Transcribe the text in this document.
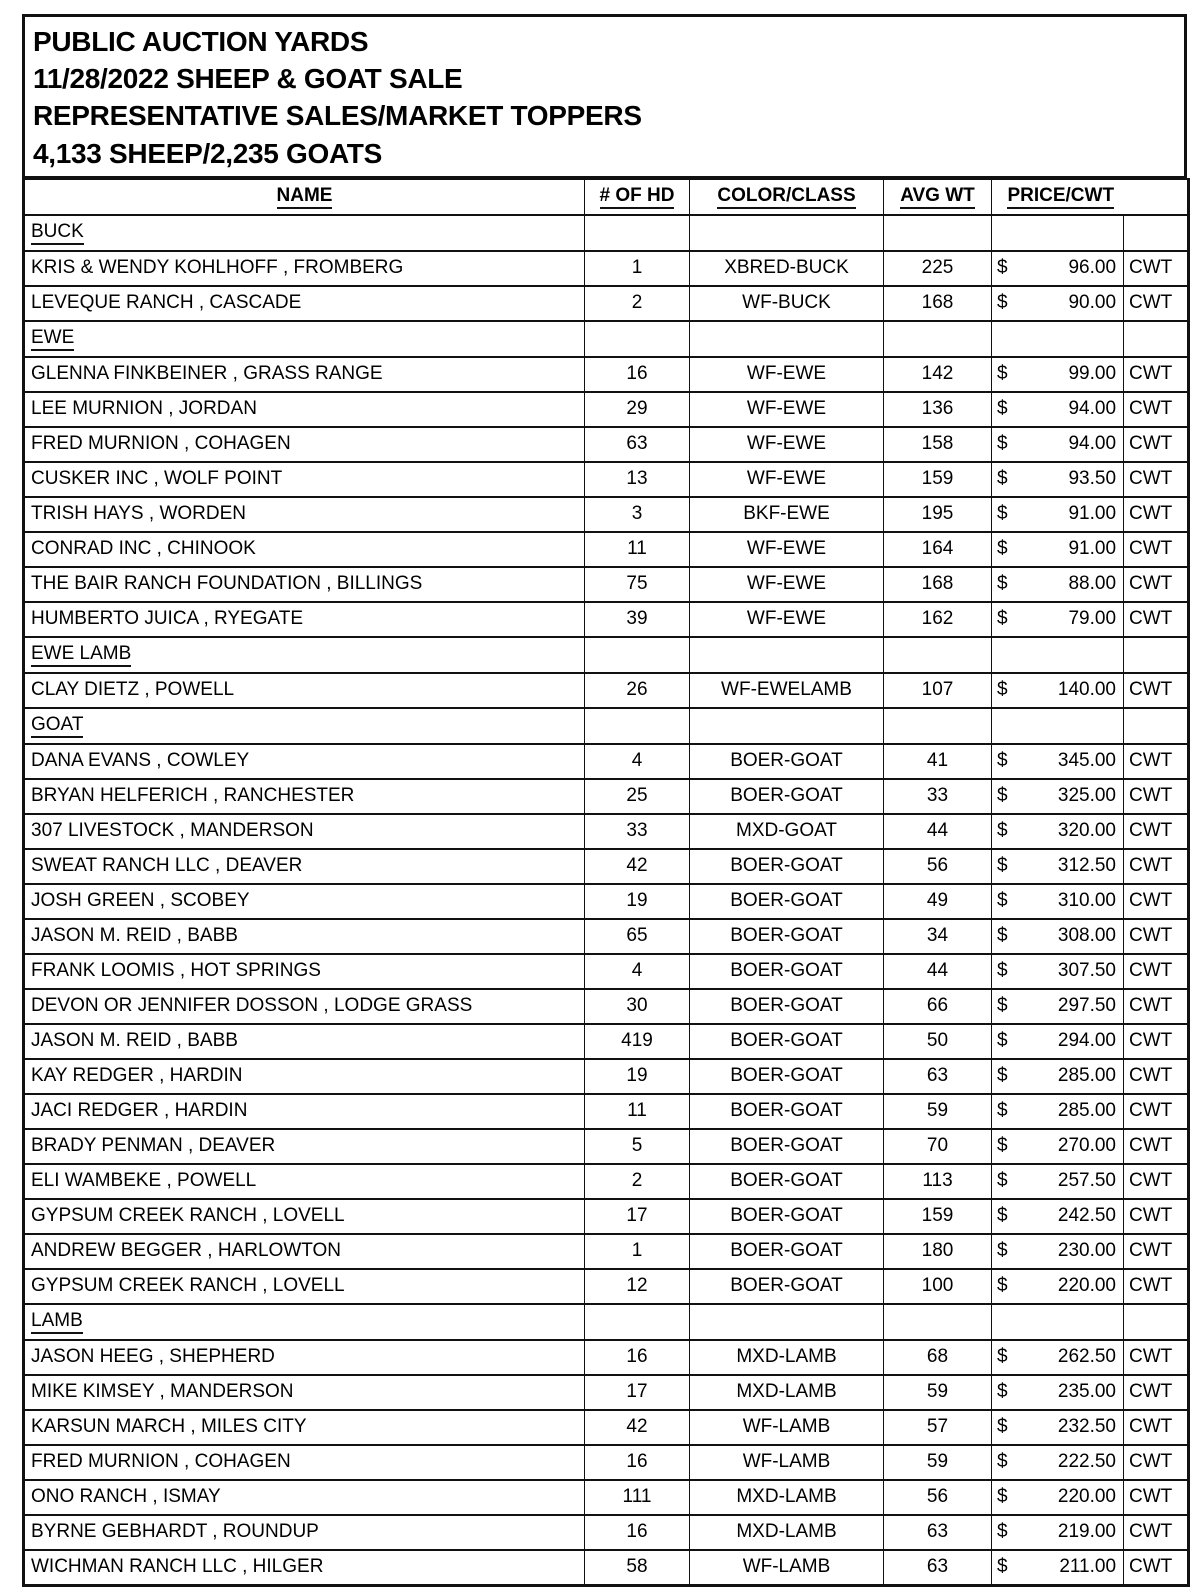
PUBLIC AUCTION YARDS
11/28/2022 SHEEP & GOAT SALE
REPRESENTATIVE SALES/MARKET TOPPERS
4,133 SHEEP/2,235 GOATS
NAME	# OF HD	COLOR/CLASS	AVG WT	PRICE/CWT		
BUCK						
KRIS & WENDY KOHLHOFF , FROMBERG	1	XBRED-BUCK	225	$	96.00	CWT
LEVEQUE RANCH , CASCADE	2	WF-BUCK	168	$	90.00	CWT
EWE						
GLENNA FINKBEINER , GRASS RANGE	16	WF-EWE	142	$	99.00	CWT
LEE MURNION , JORDAN	29	WF-EWE	136	$	94.00	CWT
FRED MURNION , COHAGEN	63	WF-EWE	158	$	94.00	CWT
CUSKER INC , WOLF POINT	13	WF-EWE	159	$	93.50	CWT
TRISH HAYS , WORDEN	3	BKF-EWE	195	$	91.00	CWT
CONRAD INC , CHINOOK	11	WF-EWE	164	$	91.00	CWT
THE BAIR RANCH FOUNDATION , BILLINGS	75	WF-EWE	168	$	88.00	CWT
HUMBERTO JUICA , RYEGATE	39	WF-EWE	162	$	79.00	CWT
EWE LAMB						
CLAY DIETZ , POWELL	26	WF-EWELAMB	107	$	140.00	CWT
GOAT						
DANA EVANS , COWLEY	4	BOER-GOAT	41	$	345.00	CWT
BRYAN HELFERICH , RANCHESTER	25	BOER-GOAT	33	$	325.00	CWT
307 LIVESTOCK , MANDERSON	33	MXD-GOAT	44	$	320.00	CWT
SWEAT RANCH LLC , DEAVER	42	BOER-GOAT	56	$	312.50	CWT
JOSH GREEN , SCOBEY	19	BOER-GOAT	49	$	310.00	CWT
JASON M. REID , BABB	65	BOER-GOAT	34	$	308.00	CWT
FRANK LOOMIS , HOT SPRINGS	4	BOER-GOAT	44	$	307.50	CWT
DEVON OR JENNIFER DOSSON , LODGE GRASS	30	BOER-GOAT	66	$	297.50	CWT
JASON M. REID , BABB	419	BOER-GOAT	50	$	294.00	CWT
KAY REDGER , HARDIN	19	BOER-GOAT	63	$	285.00	CWT
JACI REDGER , HARDIN	11	BOER-GOAT	59	$	285.00	CWT
BRADY PENMAN , DEAVER	5	BOER-GOAT	70	$	270.00	CWT
ELI WAMBEKE , POWELL	2	BOER-GOAT	113	$	257.50	CWT
GYPSUM CREEK RANCH , LOVELL	17	BOER-GOAT	159	$	242.50	CWT
ANDREW BEGGER , HARLOWTON	1	BOER-GOAT	180	$	230.00	CWT
GYPSUM CREEK RANCH , LOVELL	12	BOER-GOAT	100	$	220.00	CWT
LAMB						
JASON HEEG , SHEPHERD	16	MXD-LAMB	68	$	262.50	CWT
MIKE KIMSEY , MANDERSON	17	MXD-LAMB	59	$	235.00	CWT
KARSUN MARCH , MILES CITY	42	WF-LAMB	57	$	232.50	CWT
FRED MURNION , COHAGEN	16	WF-LAMB	59	$	222.50	CWT
ONO RANCH , ISMAY	111	MXD-LAMB	56	$	220.00	CWT
BYRNE GEBHARDT , ROUNDUP	16	MXD-LAMB	63	$	219.00	CWT
WICHMAN RANCH LLC , HILGER	58	WF-LAMB	63	$	211.00	CWT
